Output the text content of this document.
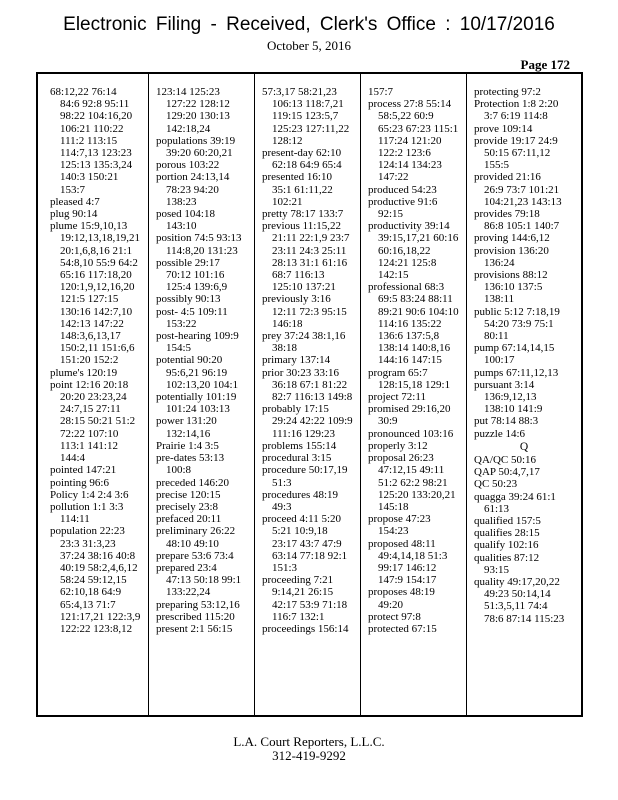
Electronic Filing - Received, Clerk's Office : 10/17/2016
October 5, 2016
Page 172
68:12,22 76:14
84:6 92:8 95:11
98:22 104:16,20
106:21 110:22
111:2 113:15
114:7,13 123:23
125:13 135:3,24
140:3 150:21
153:7
pleased 4:7
plug 90:14
plume 15:9,10,13
19:12,13,18,19,21
20:1,6,8,16 21:1
54:8,10 55:9 64:2
65:16 117:18,20
120:1,9,12,16,20
121:5 127:15
130:16 142:7,10
142:13 147:22
148:3,6,13,17
150:2,11 151:6,6
151:20 152:2
plume's 120:19
point 12:16 20:18
20:20 23:23,24
24:7,15 27:11
28:15 50:21 51:2
72:22 107:10
113:1 141:12
144:4
pointed 147:21
pointing 96:6
Policy 1:4 2:4 3:6
pollution 1:1 3:3
114:11
population 22:23
23:3 31:3,23
37:24 38:16 40:8
40:19 58:2,4,6,12
58:24 59:12,15
62:10,18 64:9
65:4,13 71:7
121:17,21 122:3,9
122:22 123:8,12
123:14 125:23
127:22 128:12
129:20 130:13
142:18,24
populations 39:19
39:20 60:20,21
porous 103:22
portion 24:13,14
78:23 94:20
138:23
posed 104:18
143:10
position 74:5 93:13
114:8,20 131:23
possible 29:17
70:12 101:16
125:4 139:6,9
possibly 90:13
post- 4:5 109:11
153:22
post-hearing 109:9
154:5
potential 90:20
95:6,21 96:19
102:13,20 104:1
potentially 101:19
101:24 103:13
power 131:20
132:14,16
Prairie 1:4 3:5
pre-dates 53:13
100:8
preceded 146:20
precise 120:15
precisely 23:8
prefaced 20:11
preliminary 26:22
48:10 49:10
prepare 53:6 73:4
prepared 23:4
47:13 50:18 99:1
133:22,24
preparing 53:12,16
prescribed 115:20
present 2:1 56:15
57:3,17 58:21,23
106:13 118:7,21
119:15 123:5,7
125:23 127:11,22
128:12
present-day 62:10
62:18 64:9 65:4
presented 16:10
35:1 61:11,22
102:21
pretty 78:17 133:7
previous 11:15,22
21:11 22:1,9 23:7
23:11 24:3 25:11
28:13 31:1 61:16
68:7 116:13
125:10 137:21
previously 3:16
12:11 72:3 95:15
146:18
prey 37:24 38:1,16
38:18
primary 137:14
prior 30:23 33:16
36:18 67:1 81:22
82:7 116:13 149:8
probably 17:15
29:24 42:22 109:9
111:16 129:23
problems 155:14
procedural 3:15
procedure 50:17,19
51:3
procedures 48:19
49:3
proceed 4:11 5:20
5:21 10:9,18
23:17 43:7 47:9
63:14 77:18 92:1
151:3
proceeding 7:21
9:14,21 26:15
42:17 53:9 71:18
116:7 132:1
proceedings 156:14
157:7
process 27:8 55:14
58:5,22 60:9
65:23 67:23 115:1
117:24 121:20
122:2 123:6
124:14 134:23
147:22
produced 54:23
productive 91:6
92:15
productivity 39:14
39:15,17,21 60:16
60:16,18,22
124:21 125:8
142:15
professional 68:3
69:5 83:24 88:11
89:21 90:6 104:10
114:16 135:22
136:6 137:5,8
138:14 140:8,16
144:16 147:15
program 65:7
128:15,18 129:1
project 72:11
promised 29:16,20
30:9
pronounced 103:16
properly 3:12
proposal 26:23
47:12,15 49:11
51:2 62:2 98:21
125:20 133:20,21
145:18
propose 47:23
154:23
proposed 48:11
49:4,14,18 51:3
99:17 146:12
147:9 154:17
proposes 48:19
49:20
protect 97:8
protected 67:15
protecting 97:2
Protection 1:8 2:20
3:7 6:19 114:8
prove 109:14
provide 19:17 24:9
50:15 67:11,12
155:5
provided 21:16
26:9 73:7 101:21
104:21,23 143:13
provides 79:18
86:8 105:1 140:7
proving 144:6,12
provision 136:20
136:24
provisions 88:12
136:10 137:5
138:11
public 5:12 7:18,19
54:20 73:9 75:1
80:11
pump 67:14,14,15
100:17
pumps 67:11,12,13
pursuant 3:14
136:9,12,13
138:10 141:9
put 78:14 88:3
puzzle 14:6
Q
QA/QC 50:16
QAP 50:4,7,17
QC 50:23
quagga 39:24 61:1
61:13
qualified 157:5
qualifies 28:15
qualify 102:16
qualities 87:12
93:15
quality 49:17,20,22
49:23 50:14,14
51:3,5,11 74:4
78:6 87:14 115:23
L.A. Court Reporters, L.L.C.
312-419-9292
